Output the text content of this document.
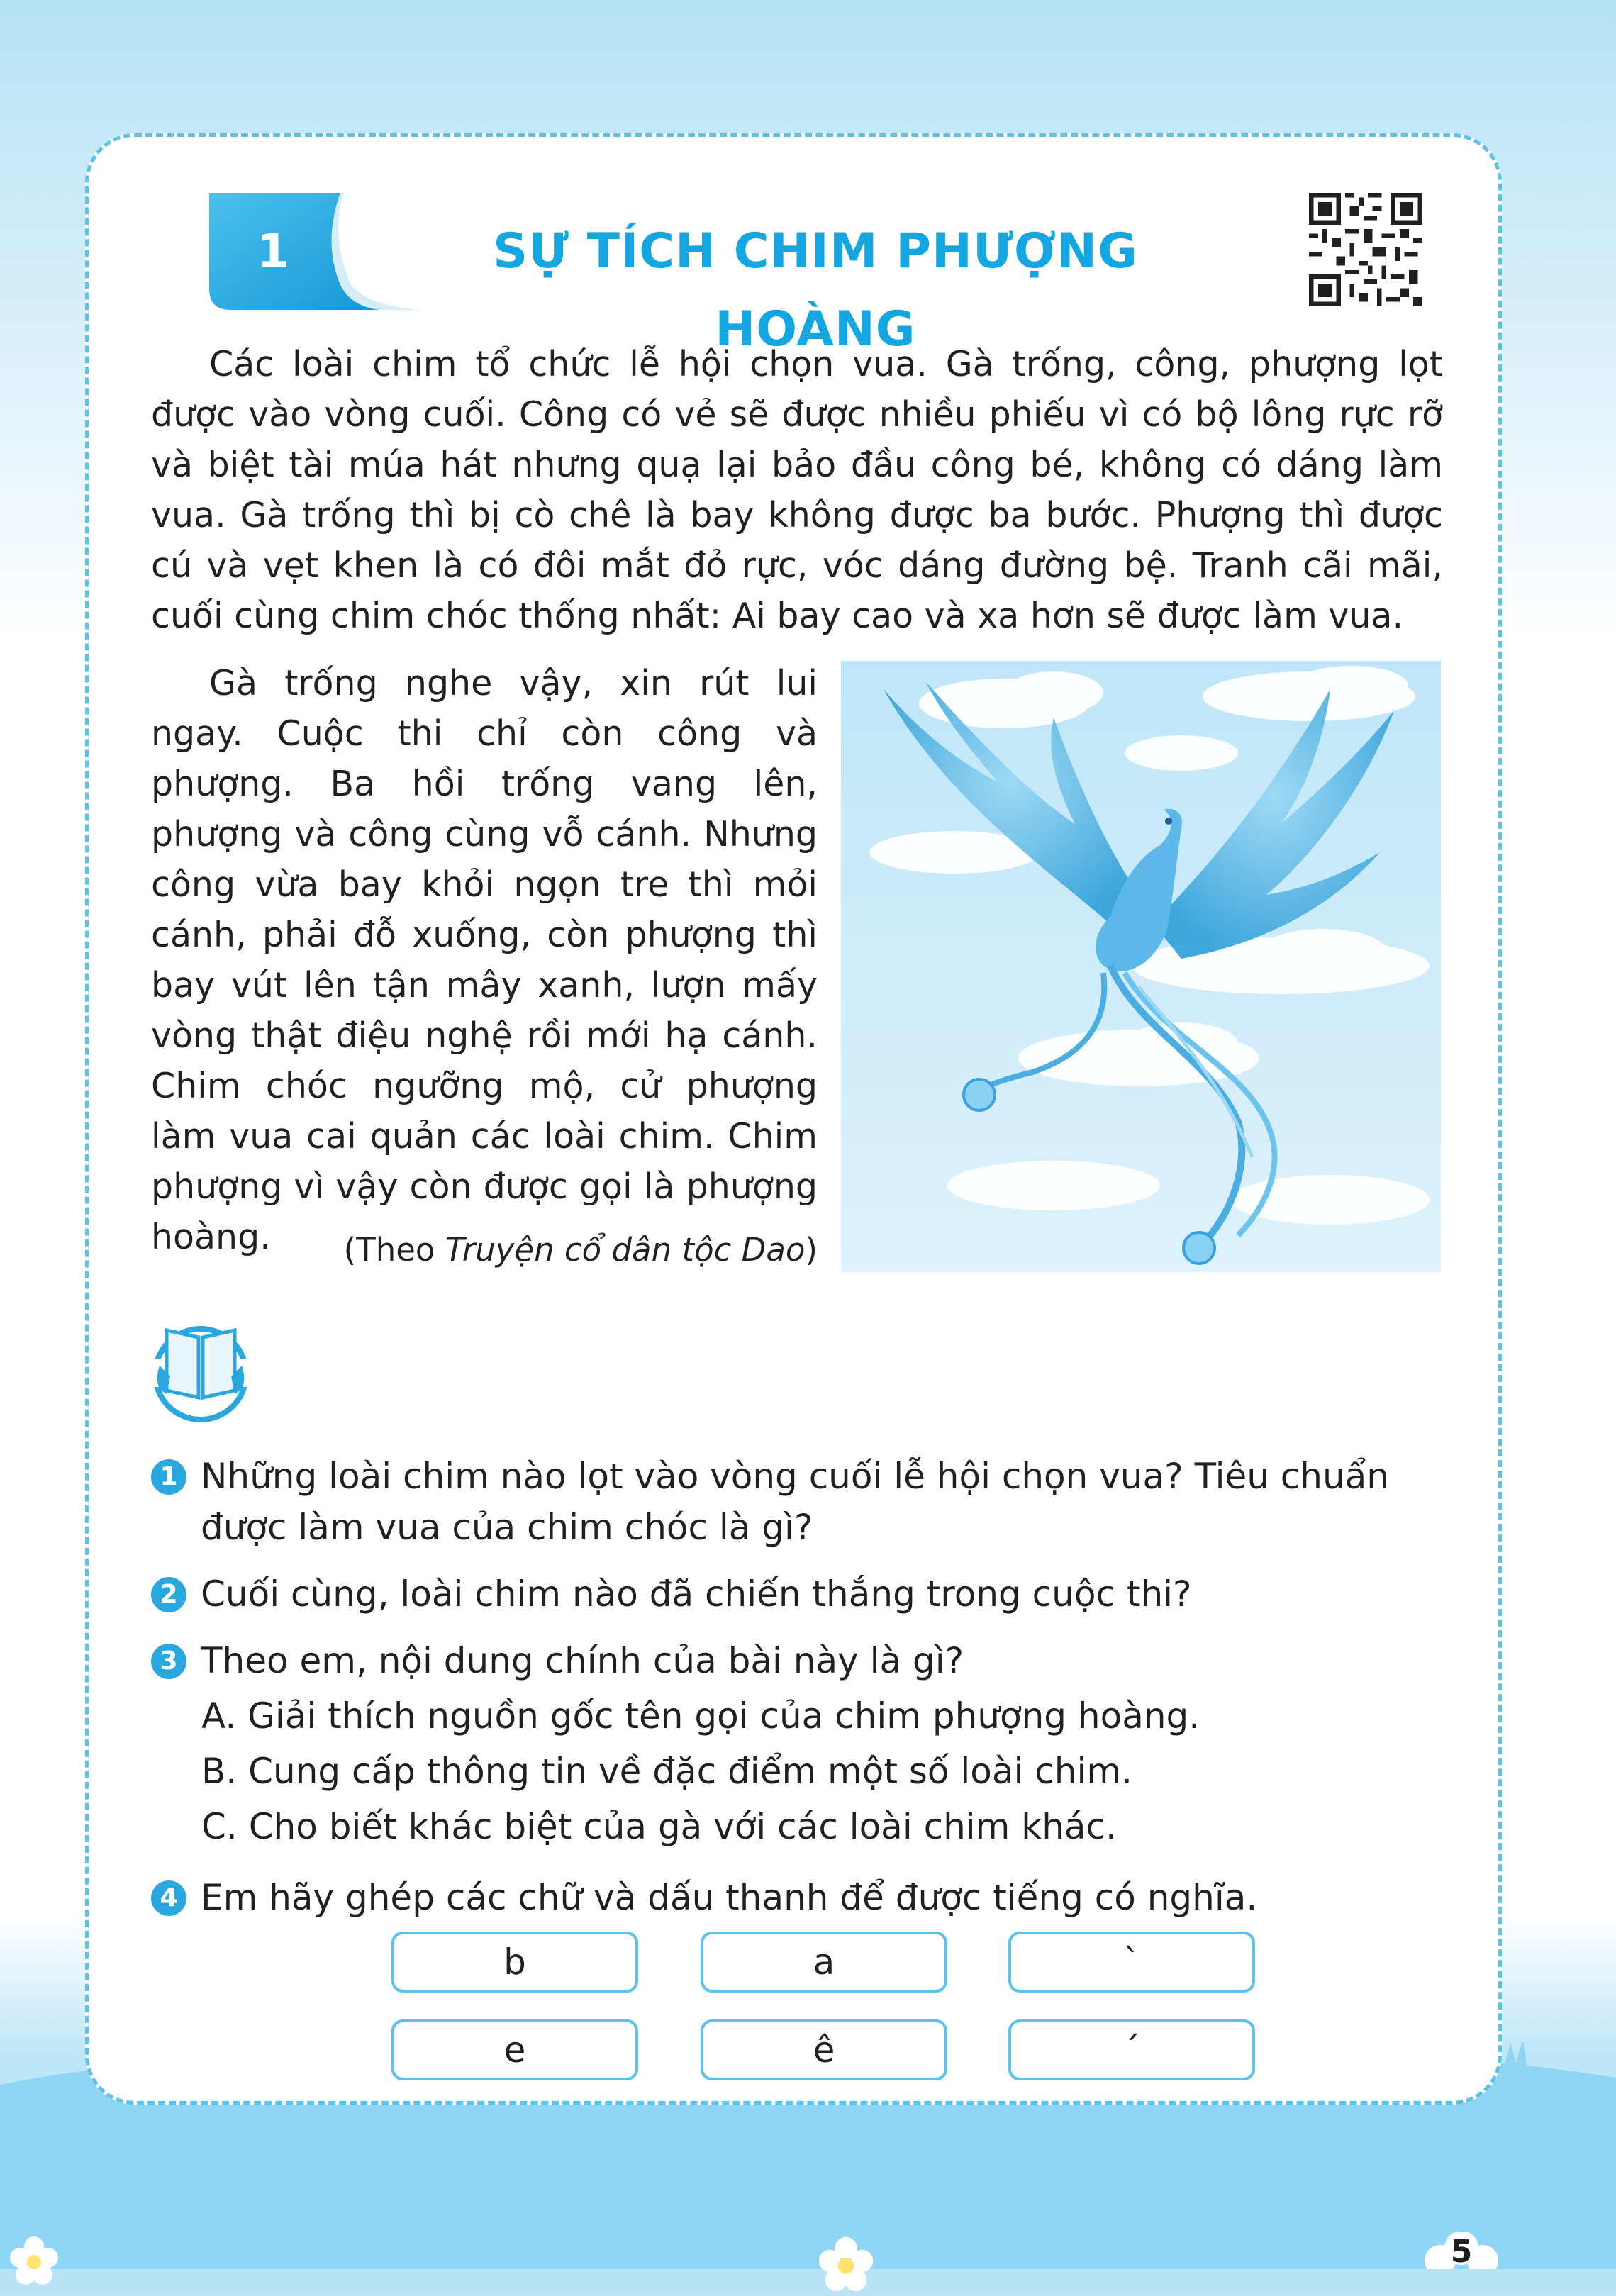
1	SỰ TÍCH CHIM PHƯỢNG HOÀNG

Các loài chim tổ chức lễ hội chọn vua. Gà trống, công, phượng lọt được vào vòng cuối. Công có vẻ sẽ được nhiều phiếu vì có bộ lông rực rỡ và biệt tài múa hát nhưng quạ lại bảo đầu công bé, không có dáng làm vua. Gà trống thì bị cò chê là bay không được ba bước. Phượng thì được cú và vẹt khen là có đôi mắt đỏ rực, vóc dáng đường bệ. Tranh cãi mãi, cuối cùng chim chóc thống nhất: Ai bay cao và xa hơn sẽ được làm vua.

Gà trống nghe vậy, xin rút lui ngay. Cuộc thi chỉ còn công và phượng. Ba hồi trống vang lên, phượng và công cùng vỗ cánh. Nhưng công vừa bay khỏi ngọn tre thì mỏi cánh, phải đỗ xuống, còn phượng thì bay vút lên tận mây xanh, lượn mấy vòng thật điệu nghệ rồi mới hạ cánh. Chim chóc ngưỡng mộ, cử phượng làm vua cai quản các loài chim. Chim phượng vì vậy còn được gọi là phượng hoàng.	(Theo Truyện cổ dân tộc Dao)
1 Những loài chim nào lọt vào vòng cuối lễ hội chọn vua? Tiêu chuẩn được làm vua của chim chóc là gì?
2 Cuối cùng, loài chim nào đã chiến thắng trong cuộc thi?
3 Theo em, nội dung chính của bài này là gì?
A. Giải thích nguồn gốc tên gọi của chim phượng hoàng.
B. Cung cấp thông tin về đặc điểm một số loài chim.
C. Cho biết khác biệt của gà với các loài chim khác.
4 Em hãy ghép các chữ và dấu thanh để được tiếng có nghĩa.
b	a	`
e	ê	´
5
